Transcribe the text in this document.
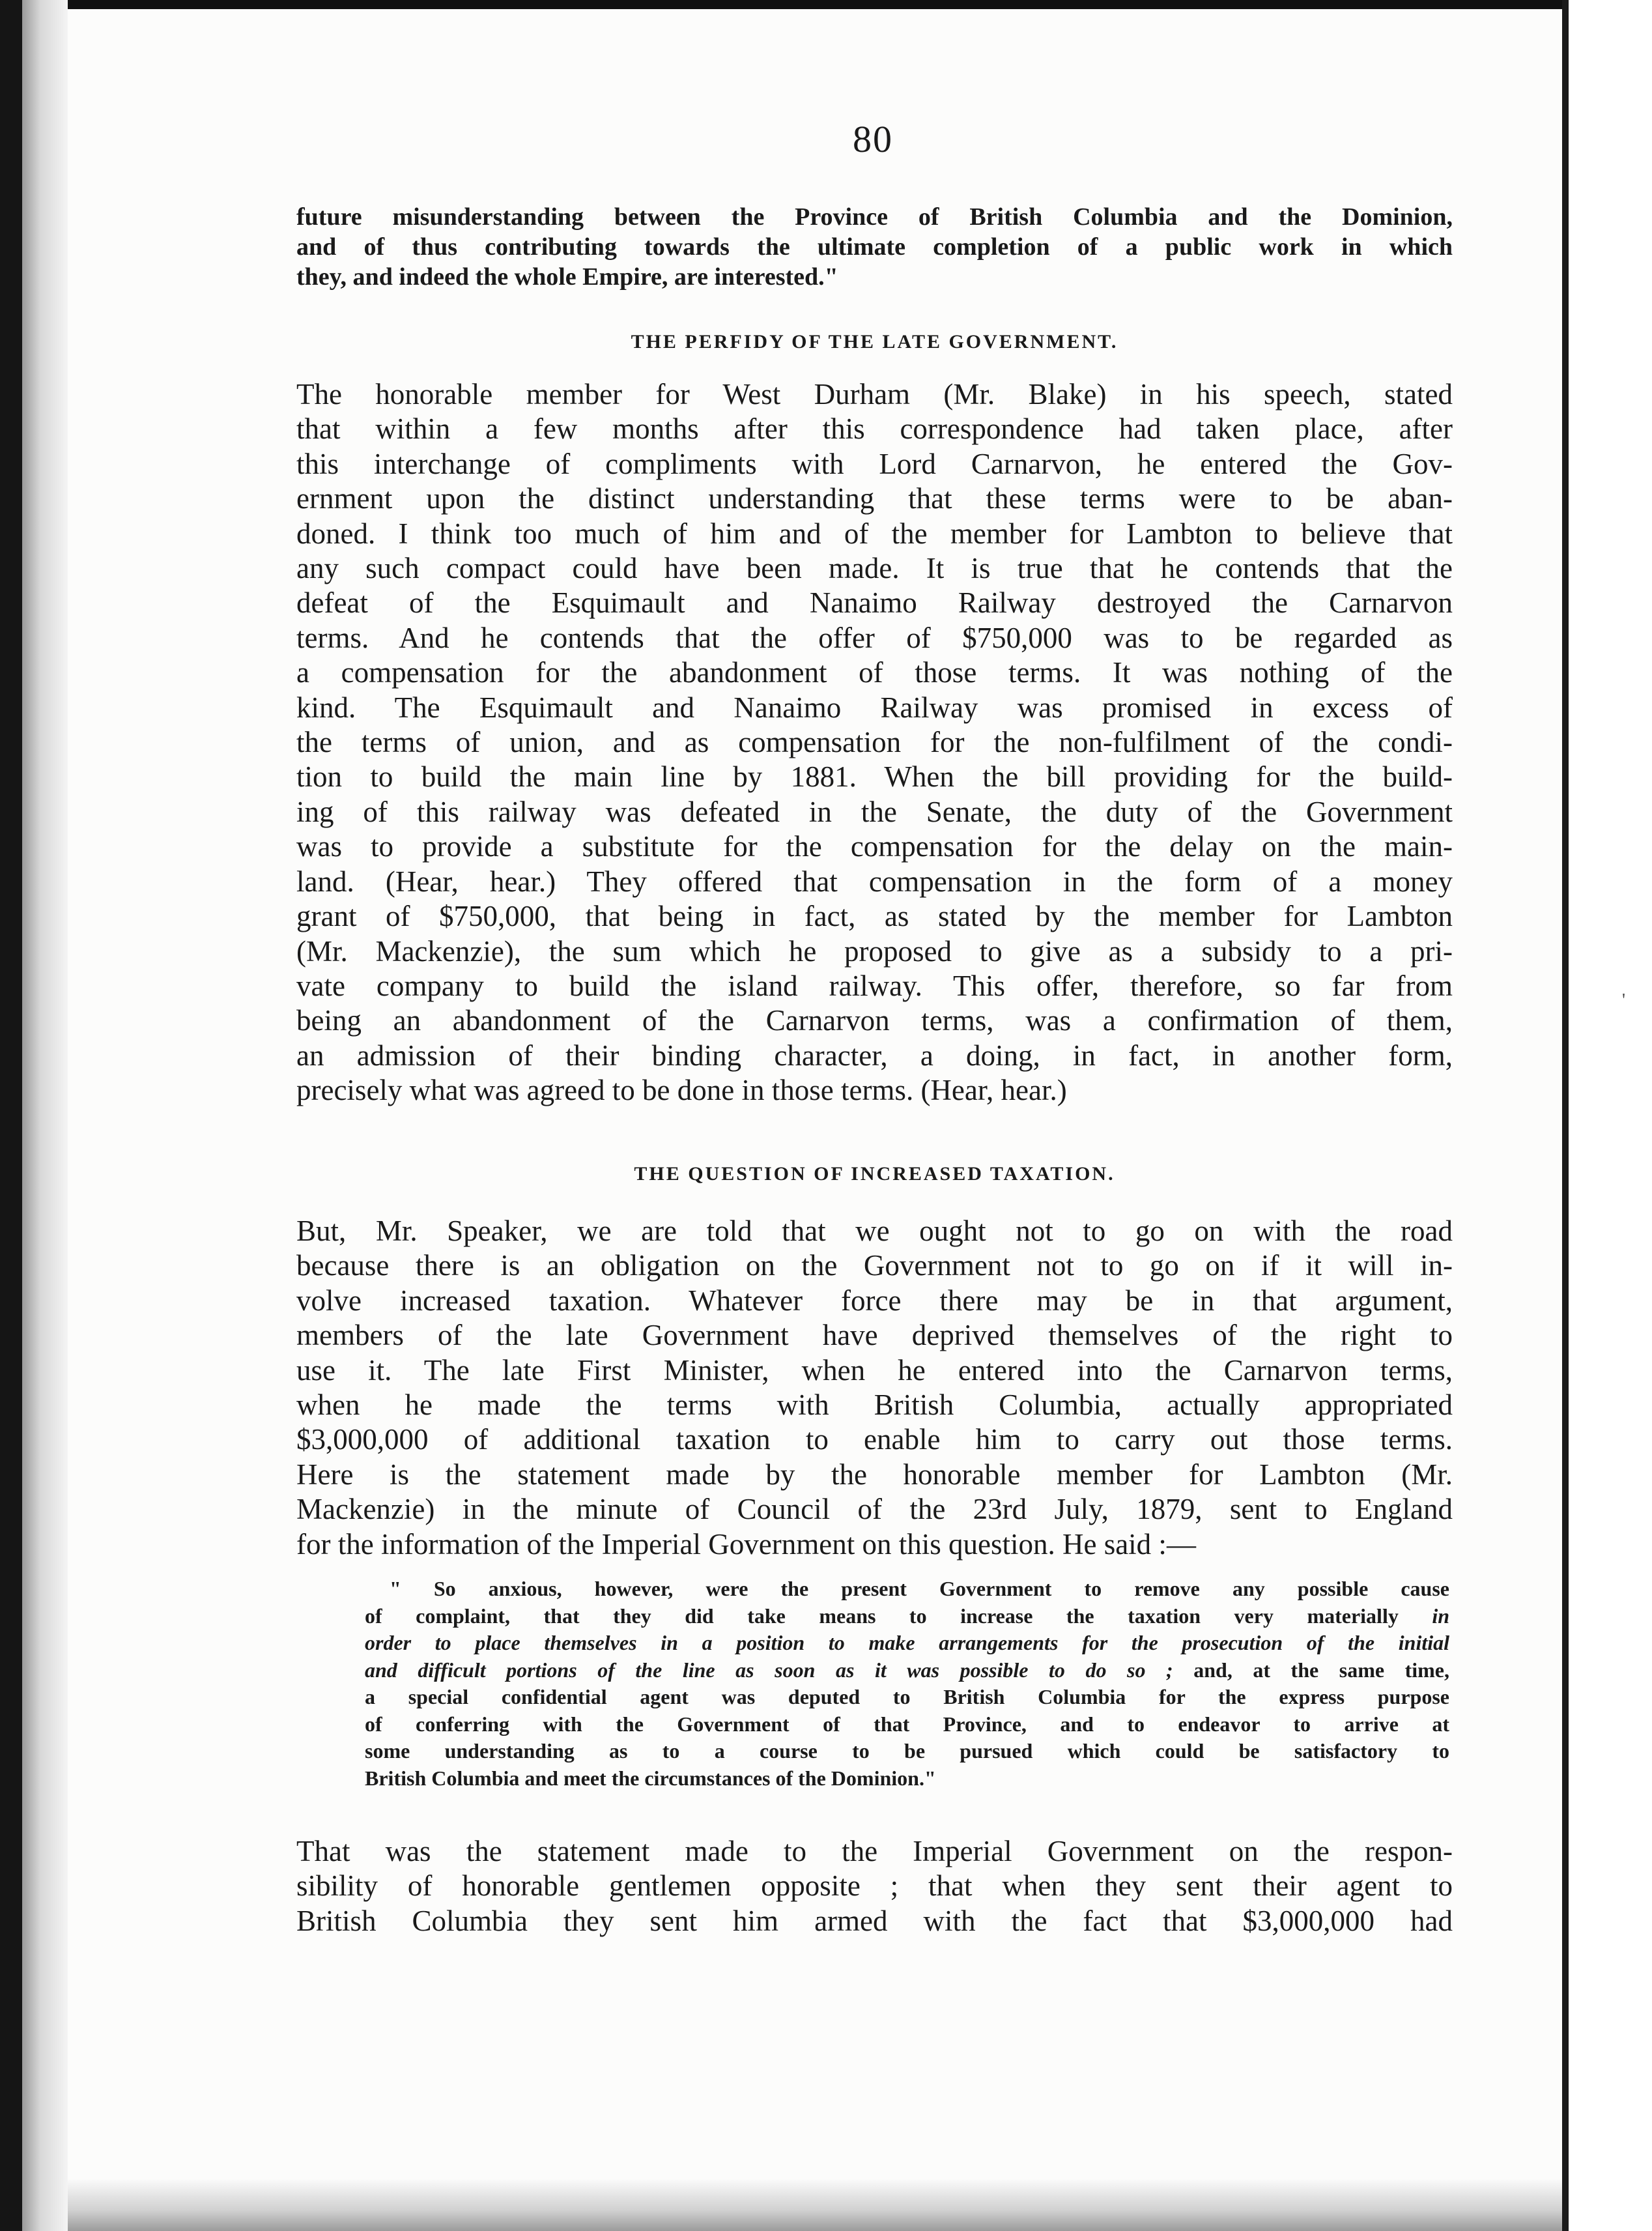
80
future misunderstanding between the Province of British Columbia and the Dominion,
and of thus contributing towards the ultimate completion of a public work in which
they, and indeed the whole Empire, are interested."
THE PERFIDY OF THE LATE GOVERNMENT.
The honorable member for West Durham (Mr. Blake) in his speech, stated
that within a few months after this correspondence had taken place, after
this interchange of compliments with Lord Carnarvon, he entered the Gov-
ernment upon the distinct understanding that these terms were to be aban-
doned. I think too much of him and of the member for Lambton to believe that
any such compact could have been made. It is true that he contends that the
defeat of the Esquimault and Nanaimo Railway destroyed the Carnarvon
terms. And he contends that the offer of $750,000 was to be regarded as
a compensation for the abandonment of those terms. It was nothing of the
kind. The Esquimault and Nanaimo Railway was promised in excess of
the terms of union, and as compensation for the non-fulfilment of the condi-
tion to build the main line by 1881. When the bill providing for the build-
ing of this railway was defeated in the Senate, the duty of the Government
was to provide a substitute for the compensation for the delay on the main-
land. (Hear, hear.) They offered that compensation in the form of a money
grant of $750,000, that being in fact, as stated by the member for Lambton
(Mr. Mackenzie), the sum which he proposed to give as a subsidy to a pri-
vate company to build the island railway. This offer, therefore, so far from
being an abandonment of the Carnarvon terms, was a confirmation of them,
an admission of their binding character, a doing, in fact, in another form,
precisely what was agreed to be done in those terms. (Hear, hear.)
THE QUESTION OF INCREASED TAXATION.
But, Mr. Speaker, we are told that we ought not to go on with the road
because there is an obligation on the Government not to go on if it will in-
volve increased taxation. Whatever force there may be in that argument,
members of the late Government have deprived themselves of the right to
use it. The late First Minister, when he entered into the Carnarvon terms,
when he made the terms with British Columbia, actually appropriated
$3,000,000 of additional taxation to enable him to carry out those terms.
Here is the statement made by the honorable member for Lambton (Mr.
Mackenzie) in the minute of Council of the 23rd July, 1879, sent to England
for the information of the Imperial Government on this question. He said :—
" So anxious, however, were the present Government to remove any possible cause
of complaint, that they did take means to increase the taxation very materially in
order to place themselves in a position to make arrangements for the prosecution of the initial
and difficult portions of the line as soon as it was possible to do so ; and, at the same time,
a special confidential agent was deputed to British Columbia for the express purpose
of conferring with the Government of that Province, and to endeavor to arrive at
some understanding as to a course to be pursued which could be satisfactory to
British Columbia and meet the circumstances of the Dominion."
That was the statement made to the Imperial Government on the respon-
sibility of honorable gentlemen opposite ; that when they sent their agent to
British Columbia they sent him armed with the fact that $3,000,000 had
'
